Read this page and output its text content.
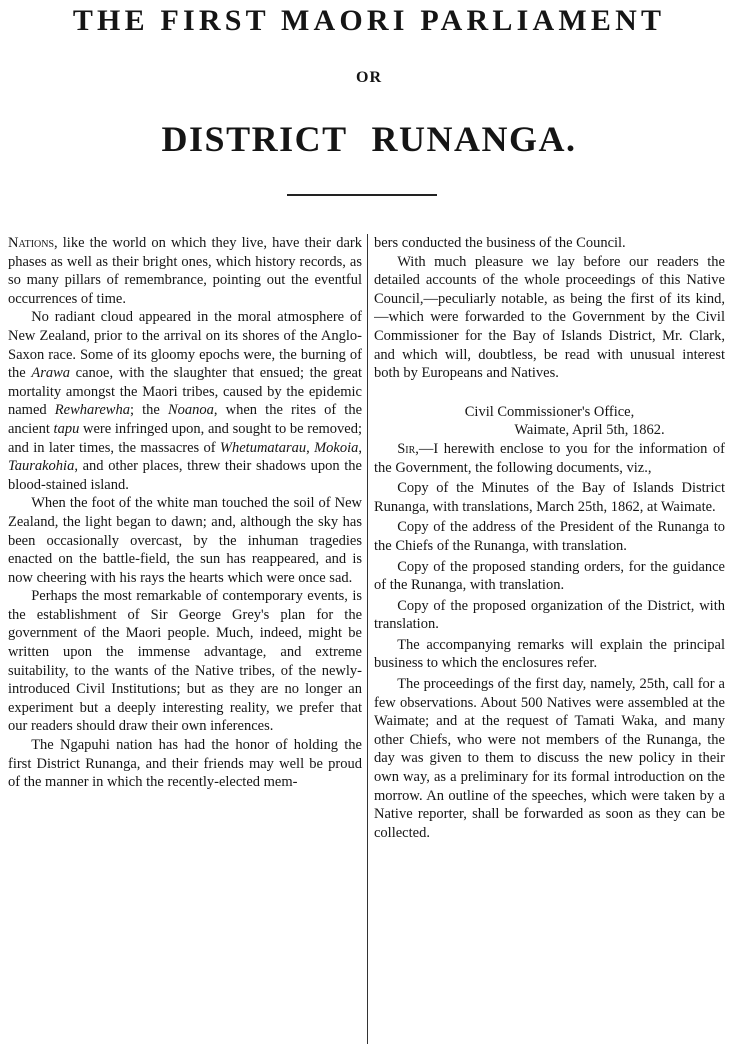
THE FIRST MAORI PARLIAMENT
OR
DISTRICT RUNANGA.

Nations, like the world on which they live, have their dark phases as well as their bright ones, which history records, as so many pillars of remembrance, pointing out the eventful occurrences of time.

No radiant cloud appeared in the moral atmosphere of New Zealand, prior to the arrival on its shores of the Anglo-Saxon race. Some of its gloomy epochs were, the burning of the Arawa canoe, with the slaughter that ensued; the great mortality amongst the Maori tribes, caused by the epidemic named Rewharewha; the Noanoa, when the rites of the ancient tapu were infringed upon, and sought to be removed; and in later times, the massacres of Whetumatarau, Mokoia, Taurakohia, and other places, threw their shadows upon the blood-stained island.

When the foot of the white man touched the soil of New Zealand, the light began to dawn; and, although the sky has been occasionally overcast, by the inhuman tragedies enacted on the battle-field, the sun has reappeared, and is now cheering with his rays the hearts which were once sad.

Perhaps the most remarkable of contemporary events, is the establishment of Sir George Grey's plan for the government of the Maori people. Much, indeed, might be written upon the immense advantage, and extreme suitability, to the wants of the Native tribes, of the newly-introduced Civil Institutions; but as they are no longer an experiment but a deeply interesting reality, we prefer that our readers should draw their own inferences.

The Ngapuhi nation has had the honor of holding the first District Runanga, and their friends may well be proud of the manner in which the recently-elected mem-

bers conducted the business of the Council.

With much pleasure we lay before our readers the detailed accounts of the whole proceedings of this Native Council,—peculiarly notable, as being the first of its kind,—which were forwarded to the Government by the Civil Commissioner for the Bay of Islands District, Mr. Clark, and which will, doubtless, be read with unusual interest both by Europeans and Natives.

Civil Commissioner's Office,
Waimate, April 5th, 1862.

Sir,—I herewith enclose to you for the information of the Government, the following documents, viz.,

Copy of the Minutes of the Bay of Islands District Runanga, with translations, March 25th, 1862, at Waimate.

Copy of the address of the President of the Runanga to the Chiefs of the Runanga, with translation.

Copy of the proposed standing orders, for the guidance of the Runanga, with translation.

Copy of the proposed organization of the District, with translation.

The accompanying remarks will explain the principal business to which the enclosures refer.

The proceedings of the first day, namely, 25th, call for a few observations. About 500 Natives were assembled at the Waimate; and at the request of Tamati Waka, and many other Chiefs, who were not members of the Runanga, the day was given to them to discuss the new policy in their own way, as a preliminary for its formal introduction on the morrow. An outline of the speeches, which were taken by a Native reporter, shall be forwarded as soon as they can be collected.
